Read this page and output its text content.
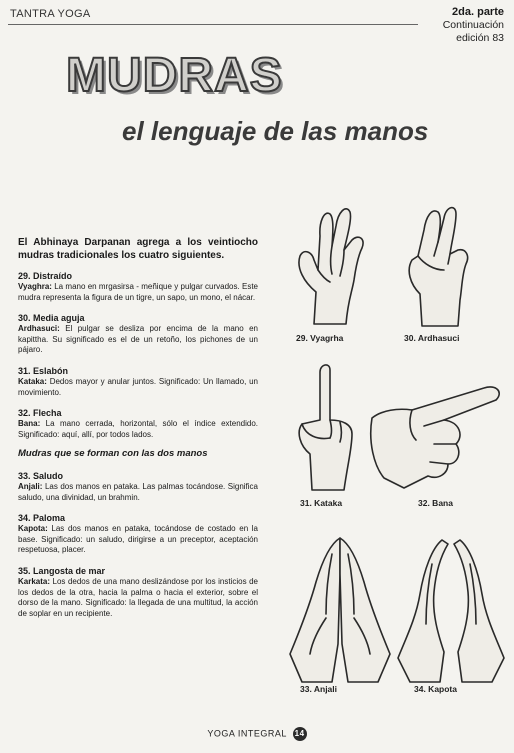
TANTRA YOGA	2da. parte
Continuación
edición 83
MUDRAS
el lenguaje de las manos
El Abhinaya Darpanan agrega a los veintiocho mudras tradicionales los cuatro siguientes.
29. Distraído
Vyaghra: La mano en mrgasirsa - meñique y pulgar curvados. Este mudra representa la figura de un tigre, un sapo, un mono, el nácar.
30. Media aguja
Ardhasuci: El pulgar se desliza por encima de la mano en kapittha. Su significado es el de un retoño, los pichones de un pájaro.
31. Eslabón
Kataka: Dedos mayor y anular juntos. Significado: Un llamado, un movimiento.
32. Flecha
Bana: La mano cerrada, horizontal, sólo el índice extendido. Significado: aquí, allí, por todos lados.
Mudras que se forman con las dos manos
33. Saludo
Anjali: Las dos manos en pataka. Las palmas tocándose. Significa saludo, una divinidad, un brahmin.
34. Paloma
Kapota: Las dos manos en pataka, tocándose de costado en la base. Significado: un saludo, dirigirse a un preceptor, aceptación respetuosa, placer.
35. Langosta de mar
Karkata: Los dedos de una mano deslizándose por los insticios de los dedos de la otra, hacia la palma o hacia el exterior, sobre el dorso de la mano. Significado: la llegada de una multitud, la acción de soplar en un recipiente.
29. Vyagrha	30. Ardhasuci
31. Kataka	32. Bana
33. Anjali	34. Kapota
YOGA INTEGRAL 14
